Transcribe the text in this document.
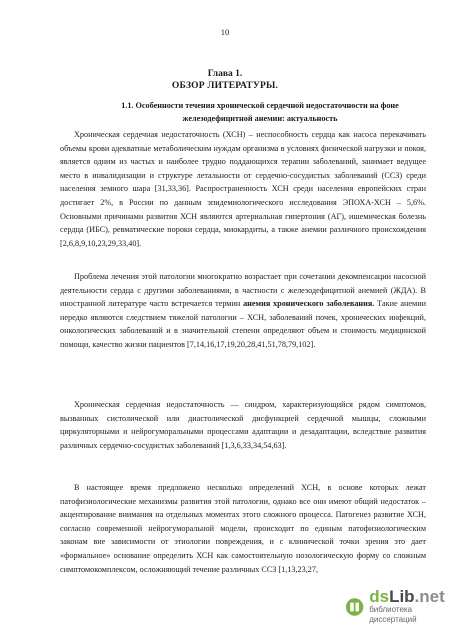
10
Глава 1.
ОБЗОР ЛИТЕРАТУРЫ.
1.1. Особенности течения хронической сердечной недостаточности на фоне
железодефицитной анемии: актуальность

Хроническая сердечная недостаточность (ХСН) – неспособность сердца как насоса перекачивать объемы крови адекватные метаболическим нуждам организма в условиях физической нагрузки и покоя, является одним из частых и наиболее трудно поддающихся терапии заболеваний, занимает ведущее место в инвалидизации и структуре летальности от сердечно-сосудистых заболеваний (ССЗ) среди населения земного шара [31,33,36]. Распространенность ХСН среди населения европейских стран достигает 2%, в России по данным эпидемиологического исследования ЭПОХА-ХСН – 5,6%. Основными причинами развития ХСН являются артериальная гипертония (АГ), ишемическая болезнь сердца (ИБС), ревматические пороки сердца, миокардиты, а также анемии различного происхождения [2,6,8,9,10,23,29,33,40].

Проблема лечения этой патологии многократно возрастает при сочетании декомпенсации насосной деятельности сердца с другими заболеваниями, в частности с железодефицитной анемией (ЖДА). В иностранной литературе часто встречается термин анемия хронического заболевания. Такие анемии нередко являются следствием тяжелой патологии – ХСН, заболеваний почек, хронических инфекций, онкологических заболеваний и в значительной степени определяют объем и стоимость медицинской помощи, качество жизни пациентов [7,14,16,17,19,20,28,41,51,78,79,102].

Хроническая сердечная недостаточность — синдром, характеризующийся рядом симптомов, вызванных систолической или диастолической дисфункцией сердечной мышцы, сложными циркуляторными и нейрогуморальными процессами адаптации и дезадаптации, вследствие развития различных сердечно-сосудистых заболеваний [1,3,6,33,34,54,63].

В настоящее время предложено несколько определений ХСН, в основе которых лежат патофизиологические механизмы развития этой патологии, однако все они имеют общий недостаток – акцентирование внимания на отдельных моментах этого сложного процесса. Патогенез развитие ХСН, согласно современной нейрогуморальной модели, происходит по единым патофизиологическим законам вне зависимости от этиологии повреждения, и с клинической точки зрения это дает «формальное» основание определить ХСН как самостоятельную нозологическую форму со сложным симптомокомплексом, осложняющий течение различных ССЗ [1,13,23,27,

dsLib.net
библиотека диссертаций
